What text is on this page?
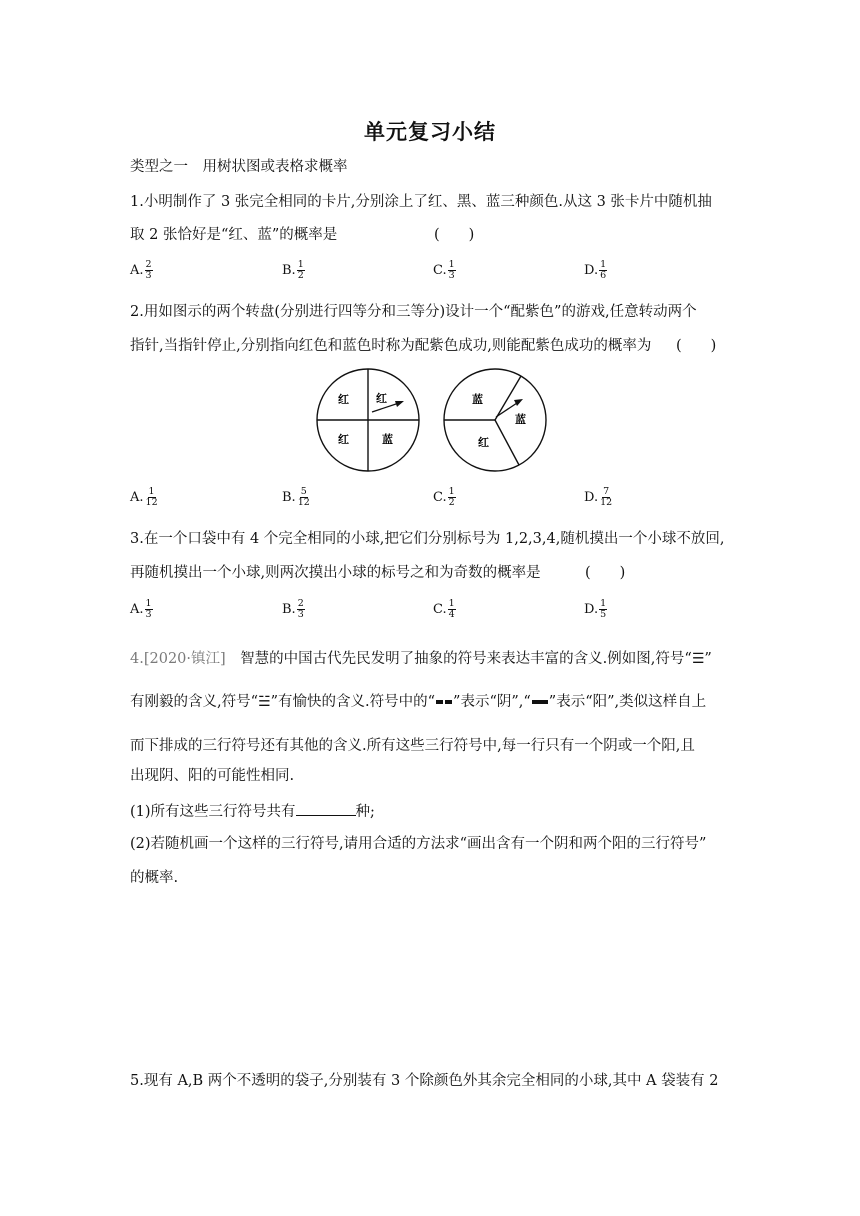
单元复习小结
类型之一　用树状图或表格求概率
1.小明制作了 3 张完全相同的卡片,分别涂上了红、黑、蓝三种颜色.从这 3 张卡片中随机抽
取 2 张恰好是“红、蓝”的概率是	(　　)
A. $\frac{2}{3}$	B. $\frac{1}{2}$	C. $\frac{1}{3}$	D. $\frac{1}{6}$
2.用如图示的两个转盘(分别进行四等分和三等分)设计一个“配紫色”的游戏,任意转动两个
指针,当指针停止,分别指向红色和蓝色时称为配紫色成功,则能配紫色成功的概率为 (　　)
红 红
红	蓝
蓝
蓝
红
A. $\frac{1}{12}$	B. $\frac{5}{12}$	C. $\frac{1}{2}$	D. $\frac{7}{12}$
3.在一个口袋中有 4 个完全相同的小球,把它们分别标号为 1,2,3,4,随机摸出一个小球不放回,
再随机摸出一个小球,则两次摸出小球的标号之和为奇数的概率是	(　　)
A. $\frac{1}{3}$	B. $\frac{2}{3}$	C. $\frac{1}{4}$	D. $\frac{1}{5}$
4.[2020·镇江]　 智慧的中国古代先民发明了抽象的符号来表达丰富的含义.例如图,符号“☰”
有刚毅的含义,符号“☱”有愉快的含义.符号中的“ ”表示“阴”,“ ”表示“阳”,类似这样自上
而下排成的三行符号还有其他的含义.所有这些三行符号中,每一行只有一个阴或一个阳,且
出现阴、阳的可能性相同.
(1)所有这些三行符号共有	种;
(2)若随机画一个这样的三行符号,请用合适的方法求“画出含有一个阴和两个阳的三行符号”
的概率.
5.现有 A,B 两个不透明的袋子,分别装有 3 个除颜色外其余完全相同的小球,其中 A 袋装有 2
